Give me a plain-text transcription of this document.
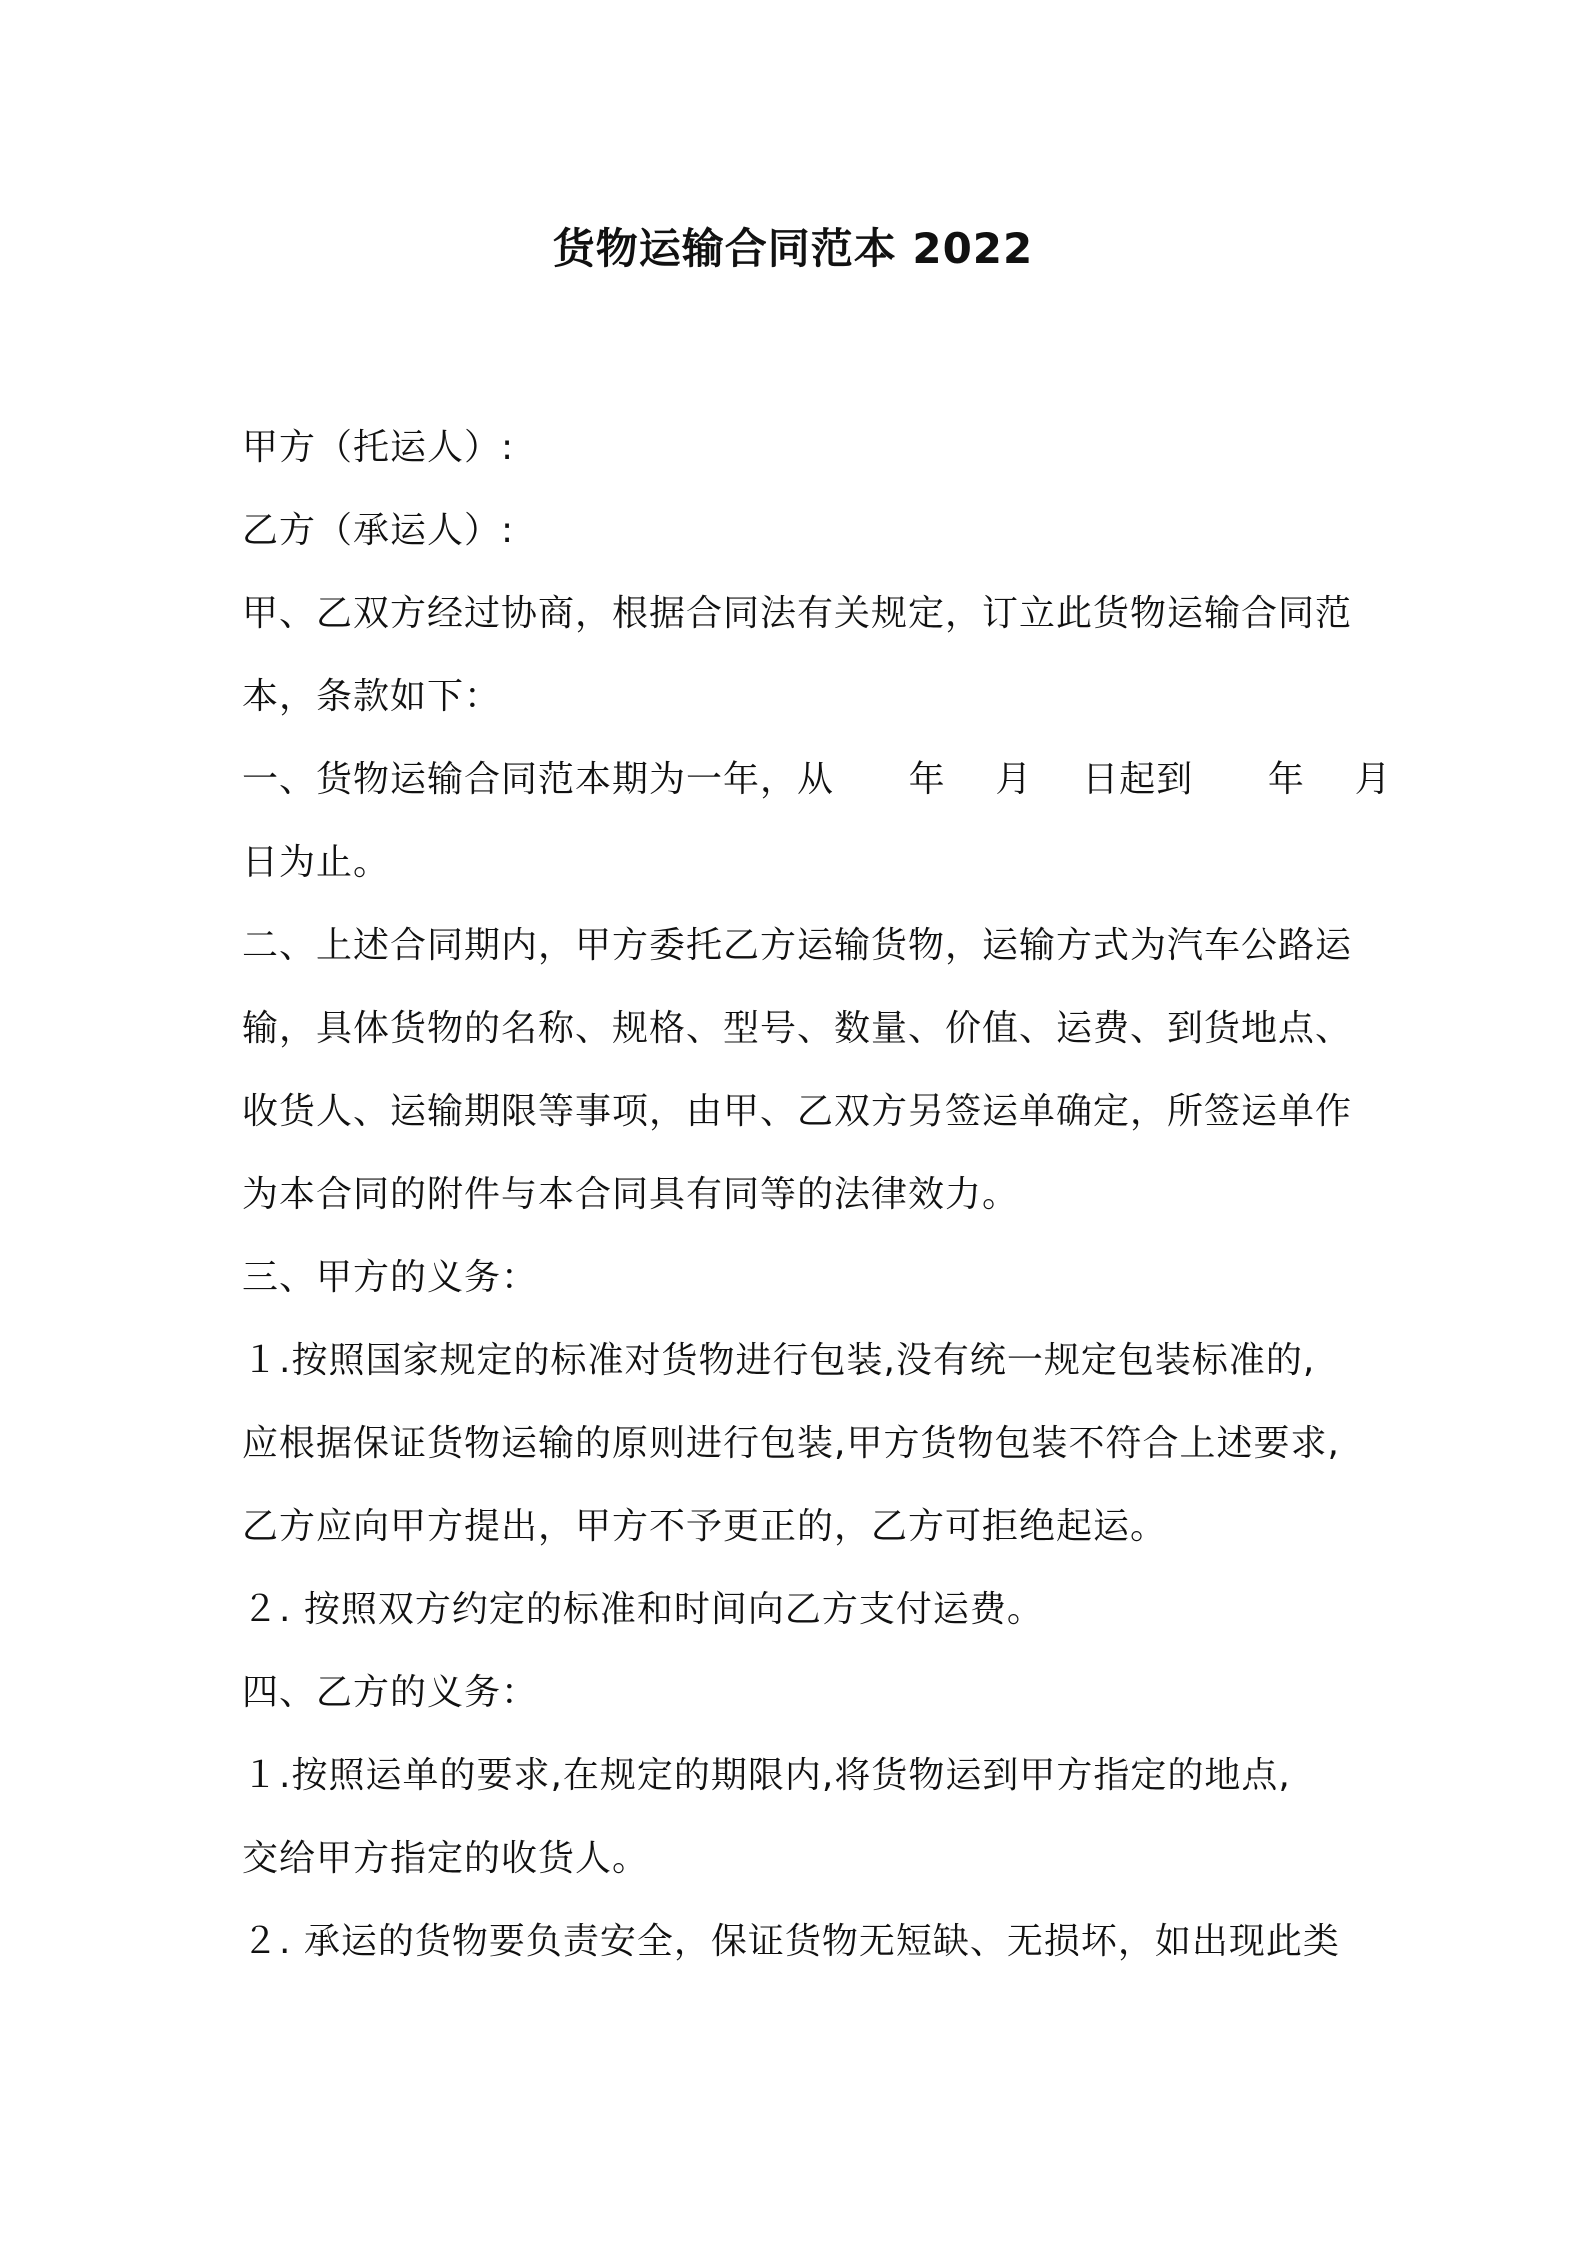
货物运输合同范本 2022
甲方（托运人）:
乙方（承运人）:
甲、乙双方经过协商，根据合同法有关规定，订立此货物运输合同范
本，条款如下：
一、货物运输合同范本期为一年，从      年    月    日起到      年    月
日为止。
二、上述合同期内，甲方委托乙方运输货物，运输方式为汽车公路运
输，具体货物的名称、规格、型号、数量、价值、运费、到货地点、
收货人、运输期限等事项，由甲、乙双方另签运单确定，所签运单作
为本合同的附件与本合同具有同等的法律效力。
三、甲方的义务：
１.按照国家规定的标准对货物进行包装,没有统一规定包装标准的,
应根据保证货物运输的原则进行包装,甲方货物包装不符合上述要求,
乙方应向甲方提出，甲方不予更正的，乙方可拒绝起运。
２. 按照双方约定的标准和时间向乙方支付运费。
四、乙方的义务：
１.按照运单的要求,在规定的期限内,将货物运到甲方指定的地点,
交给甲方指定的收货人。
２. 承运的货物要负责安全，保证货物无短缺、无损坏，如出现此类
